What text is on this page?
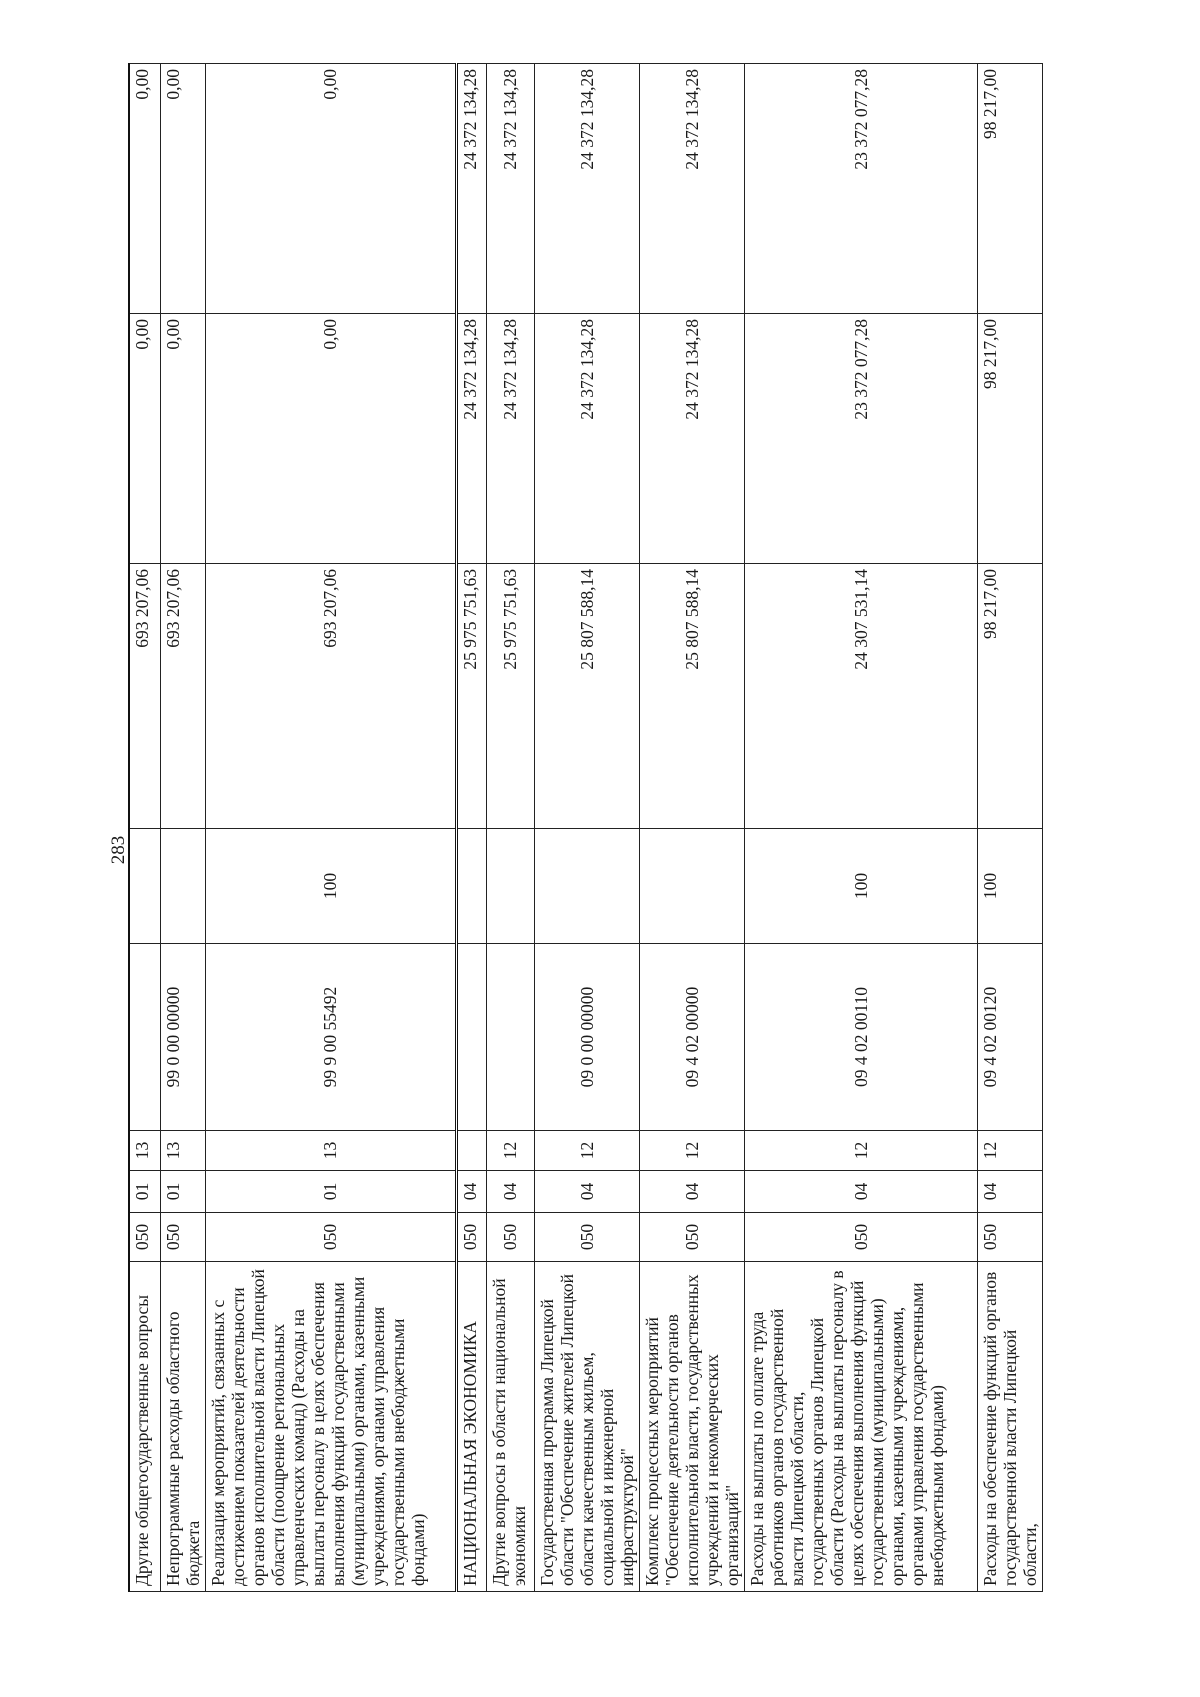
283
Другие общегосударственные вопросы	050	01	13			693 207,06	0,00	0,00
Непрограммные расходы областного бюджета	050	01	13	99 0 00 00000		693 207,06	0,00	0,00
Реализация мероприятий, связанных с достижением показателей деятельности органов исполнительной власти Липецкой области (поощрение региональных управленческих команд) (Расходы на выплаты персоналу в целях обеспечения выполнения функций государственными (муниципальными) органами, казенными учреждениями, органами управления государственными внебюджетными фондами)	050	01	13	99 9 00 55492	100	693 207,06	0,00	0,00
НАЦИОНАЛЬНАЯ ЭКОНОМИКА	050	04				25 975 751,63	24 372 134,28	24 372 134,28
Другие вопросы в области национальной экономики	050	04	12			25 975 751,63	24 372 134,28	24 372 134,28
Государственная программа Липецкой области "Обеспечение жителей Липецкой области качественным жильем, социальной и инженерной инфраструктурой"	050	04	12	09 0 00 00000		25 807 588,14	24 372 134,28	24 372 134,28
Комплекс процессных мероприятий "Обеспечение деятельности органов исполнительной власти, государственных учреждений и некоммерческих организаций"	050	04	12	09 4 02 00000		25 807 588,14	24 372 134,28	24 372 134,28
Расходы на выплаты по оплате труда работников органов государственной власти Липецкой области, государственных органов Липецкой области (Расходы на выплаты персоналу в целях обеспечения выполнения функций государственными (муниципальными) органами, казенными учреждениями, органами управления государственными внебюджетными фондами)	050	04	12	09 4 02 00110	100	24 307 531,14	23 372 077,28	23 372 077,28
Расходы на обеспечение функций органов государственной власти Липецкой области,	050	04	12	09 4 02 00120	100	98 217,00	98 217,00	98 217,00
